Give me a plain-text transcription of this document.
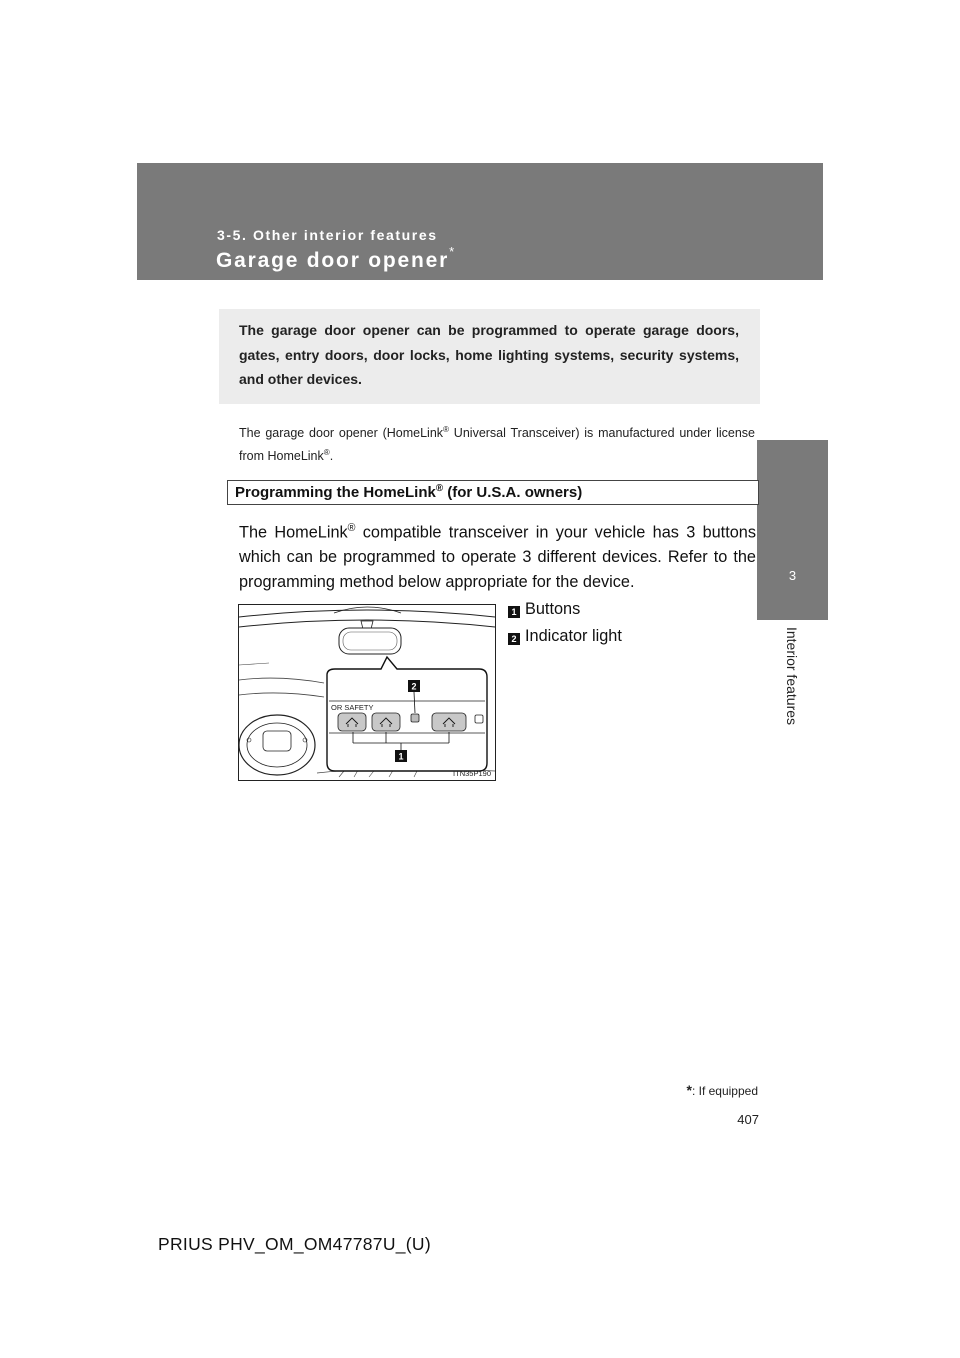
3-5. Other interior features
Garage door opener*
3
Interior features
The garage door opener can be programmed to operate garage doors, gates, entry doors, door locks, home lighting systems, security systems, and other devices.
The garage door opener (HomeLink® Universal Transceiver) is manufactured under license from HomeLink®.
Programming the HomeLink® (for U.S.A. owners)
The HomeLink® compatible transceiver in your vehicle has 3 buttons which can be programmed to operate 3 different devices. Refer to the programming method below appropriate for the device.
OR SAFETY
2
1
ITN35P190
1 Buttons
2 Indicator light
*: If equipped
407
PRIUS PHV_OM_OM47787U_(U)
